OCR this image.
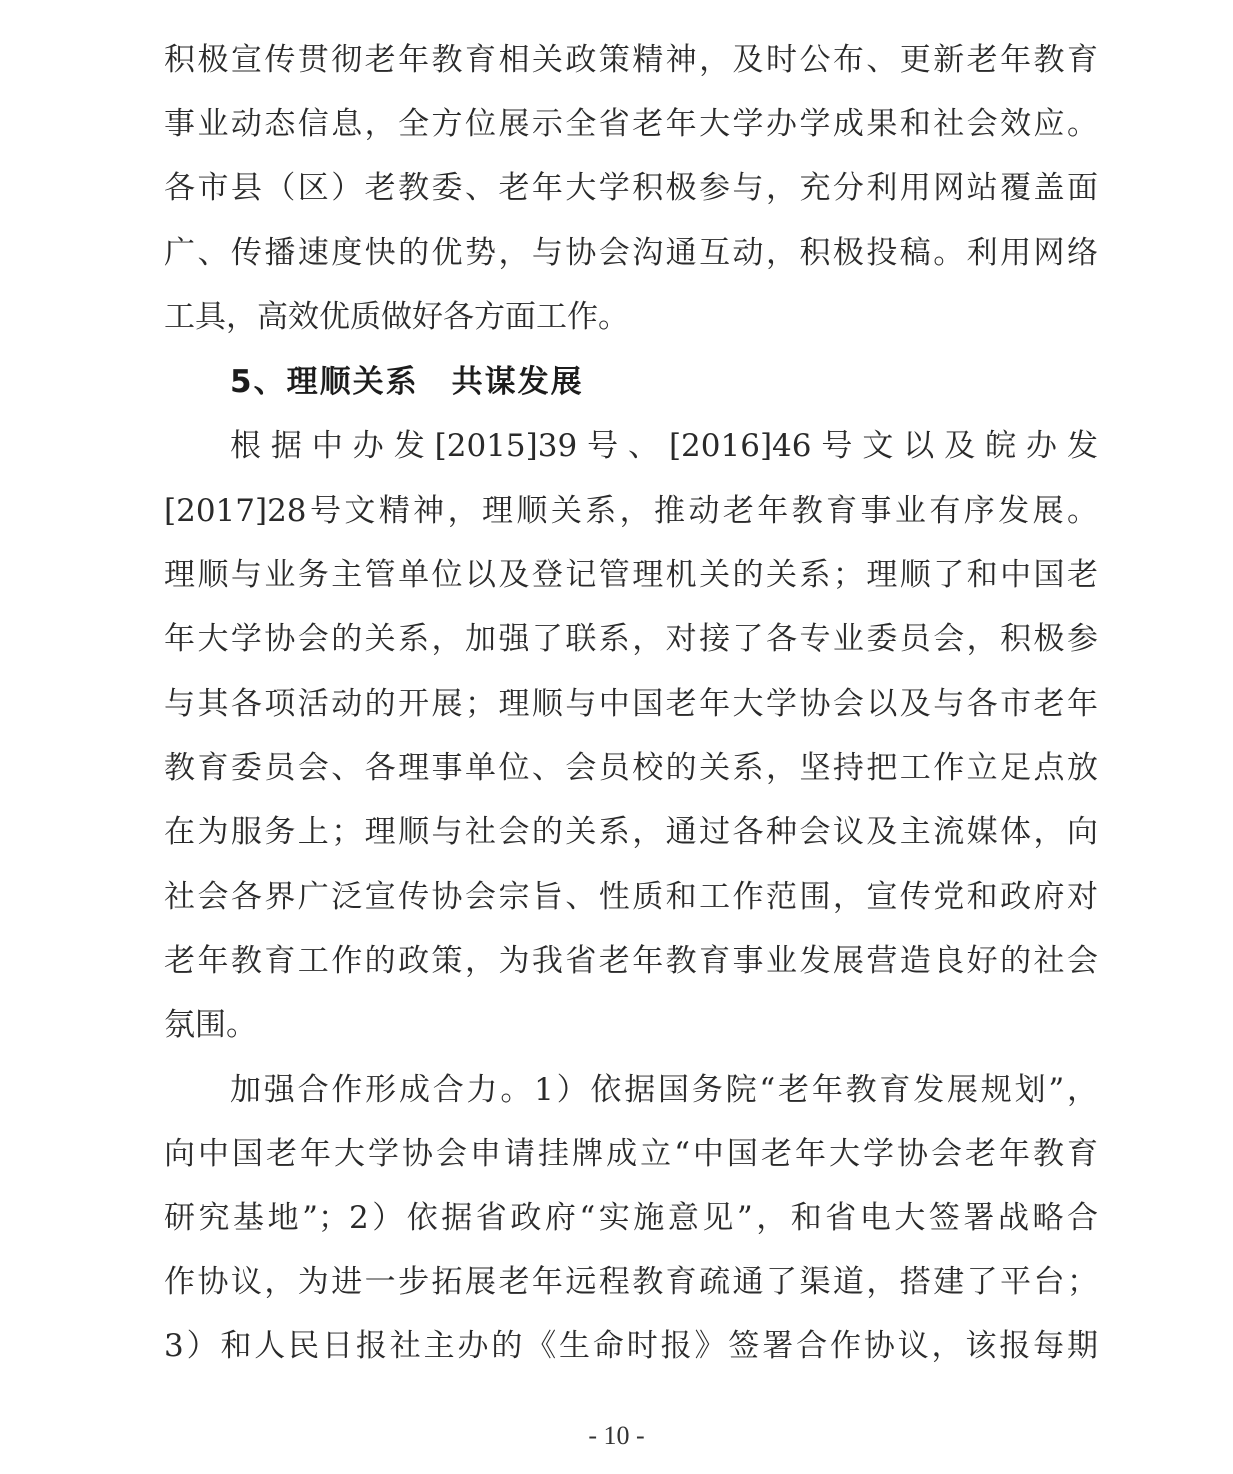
积极宣传贯彻老年教育相关政策精神，及时公布、更新老年教育
事业动态信息，全方位展示全省老年大学办学成果和社会效应。
各市县（区）老教委、老年大学积极参与，充分利用网站覆盖面
广、传播速度快的优势，与协会沟通互动，积极投稿。利用网络
工具，高效优质做好各方面工作。
5、理顺关系　共谋发展
根据中办发[2015]39号、[2016]46号文以及皖办发
[2017]28号文精神，理顺关系，推动老年教育事业有序发展。
理顺与业务主管单位以及登记管理机关的关系；理顺了和中国老
年大学协会的关系，加强了联系，对接了各专业委员会，积极参
与其各项活动的开展；理顺与中国老年大学协会以及与各市老年
教育委员会、各理事单位、会员校的关系，坚持把工作立足点放
在为服务上；理顺与社会的关系，通过各种会议及主流媒体，向
社会各界广泛宣传协会宗旨、性质和工作范围，宣传党和政府对
老年教育工作的政策，为我省老年教育事业发展营造良好的社会
氛围。
加强合作形成合力。1）依据国务院“老年教育发展规划”，
向中国老年大学协会申请挂牌成立“中国老年大学协会老年教育
研究基地”；2）依据省政府“实施意见”，和省电大签署战略合
作协议，为进一步拓展老年远程教育疏通了渠道，搭建了平台；
3）和人民日报社主办的《生命时报》签署合作协议，该报每期
- 10 -
